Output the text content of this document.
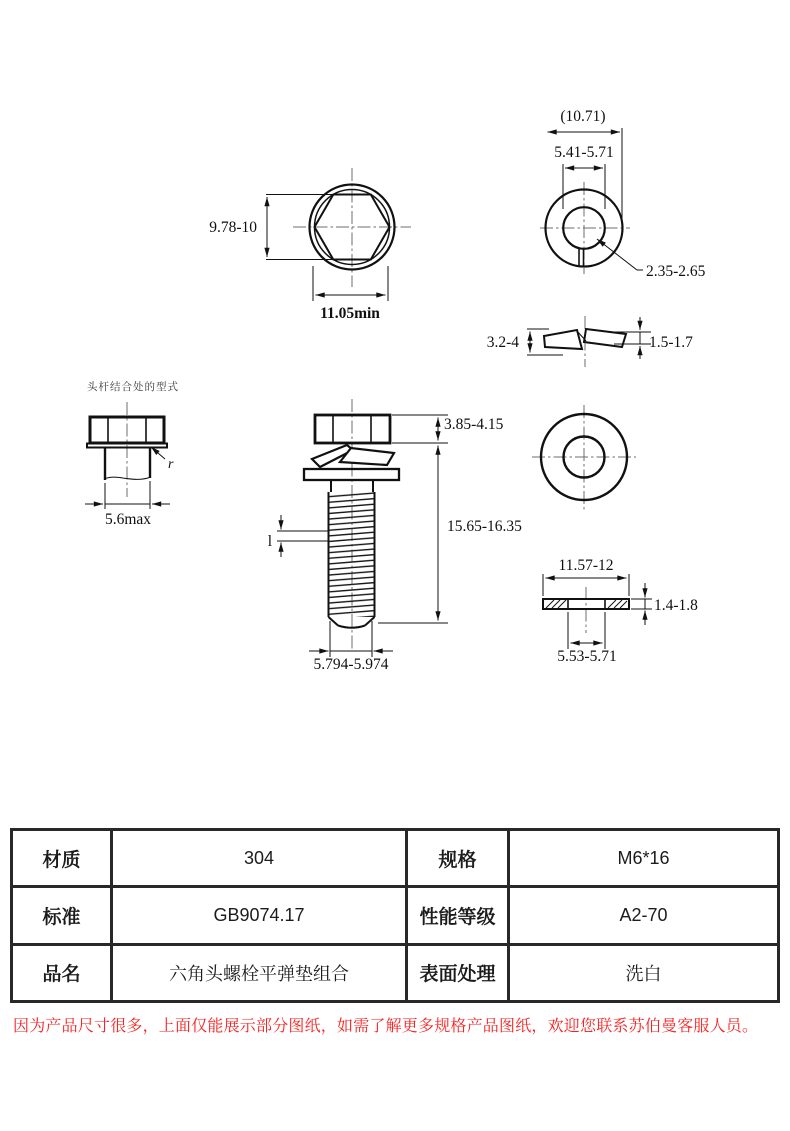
9.78-10
11.05min
(10.71)
5.41-5.71
2.35-2.65
3.2-4	1.5-1.7
头杆结合处的型式
r
5.6max
3.85-4.15
15.65-16.35
l
5.794-5.974
11.57-12
1.4-1.8
5.53-5.71
材质	304	规格	M6*16
标准	GB9074.17	性能等级	A2-70
品名	六角头螺栓平弹垫组合	表面处理	洗白
因为产品尺寸很多，上面仅能展示部分图纸，如需了解更多规格产品图纸，欢迎您联系苏伯曼客服人员。
